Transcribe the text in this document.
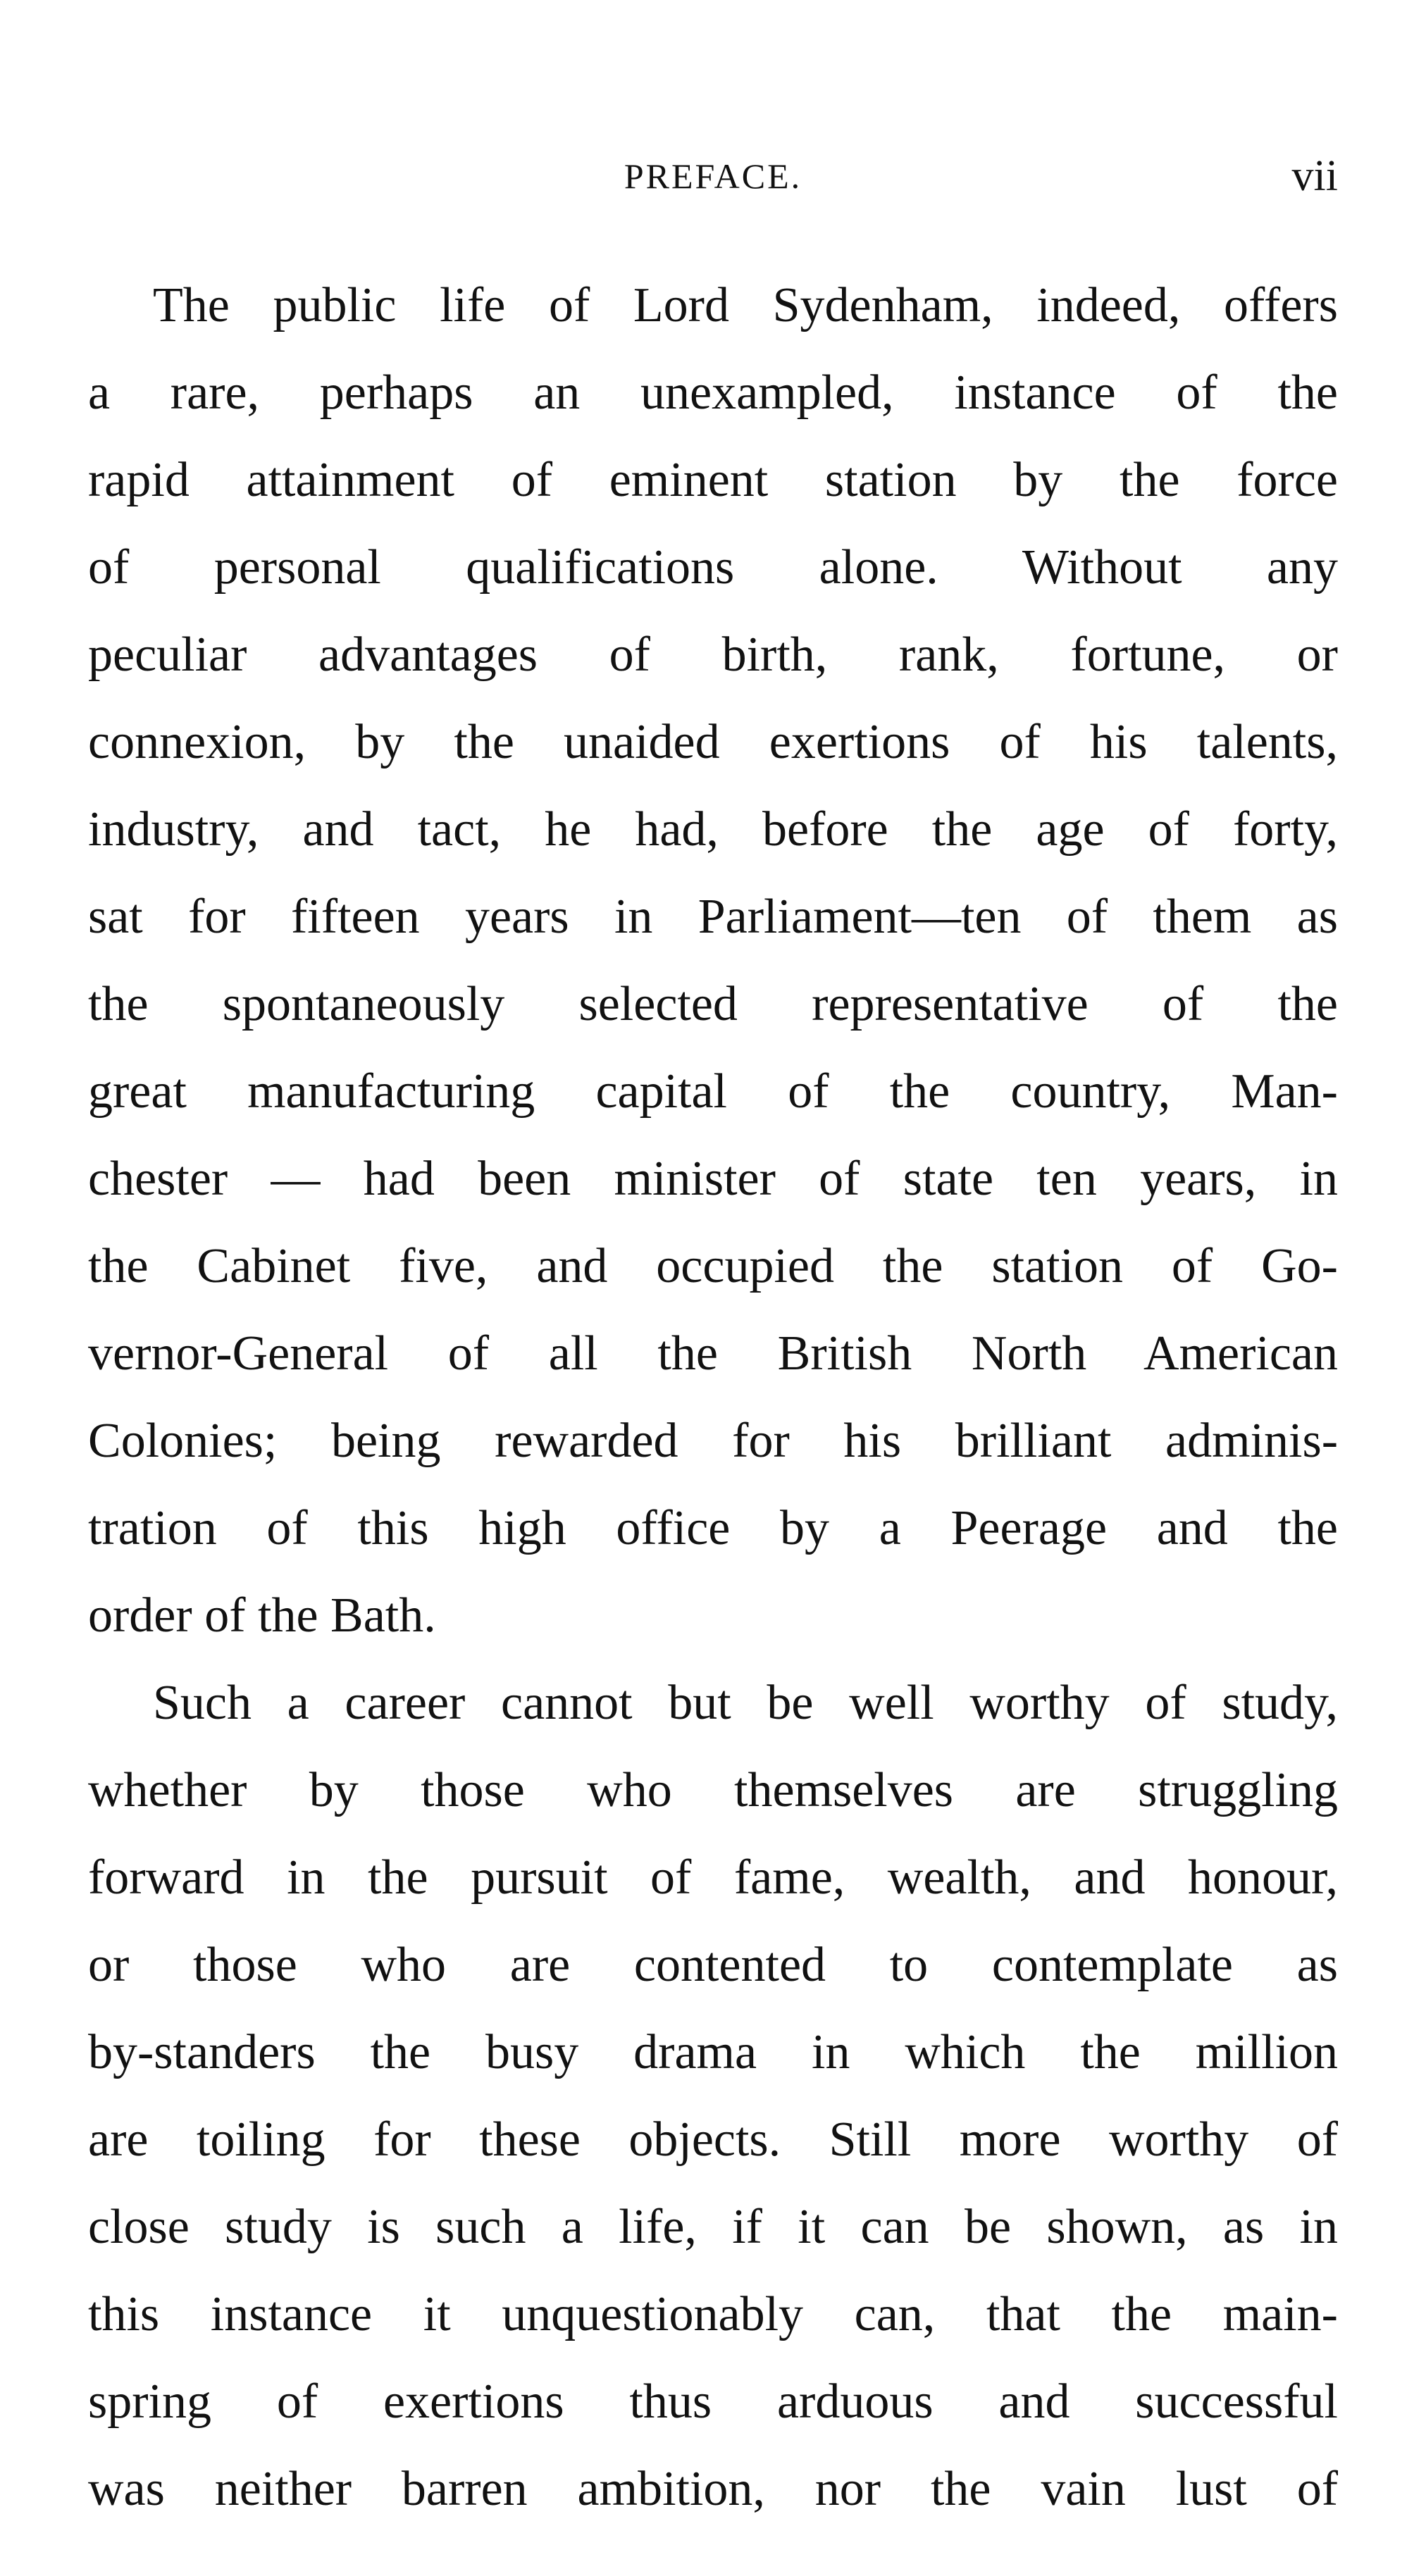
PREFACE.	vii
The public life of Lord Sydenham, indeed, offers
a rare, perhaps an unexampled, instance of the
rapid attainment of eminent station by the force
of personal qualifications alone. Without any
peculiar advantages of birth, rank, fortune, or
connexion, by the unaided exertions of his talents,
industry, and tact, he had, before the age of forty,
sat for fifteen years in Parliament—ten of them as
the spontaneously selected representative of the
great manufacturing capital of the country, Man-
chester — had been minister of state ten years, in
the Cabinet five, and occupied the station of Go-
vernor-General of all the British North American
Colonies; being rewarded for his brilliant adminis-
tration of this high office by a Peerage and the
order of the Bath.
Such a career cannot but be well worthy of study,
whether by those who themselves are struggling
forward in the pursuit of fame, wealth, and honour,
or those who are contented to contemplate as
by-standers the busy drama in which the million
are toiling for these objects. Still more worthy of
close study is such a life, if it can be shown, as in
this instance it unquestionably can, that the main-
spring of exertions thus arduous and successful
was neither barren ambition, nor the vain lust of
